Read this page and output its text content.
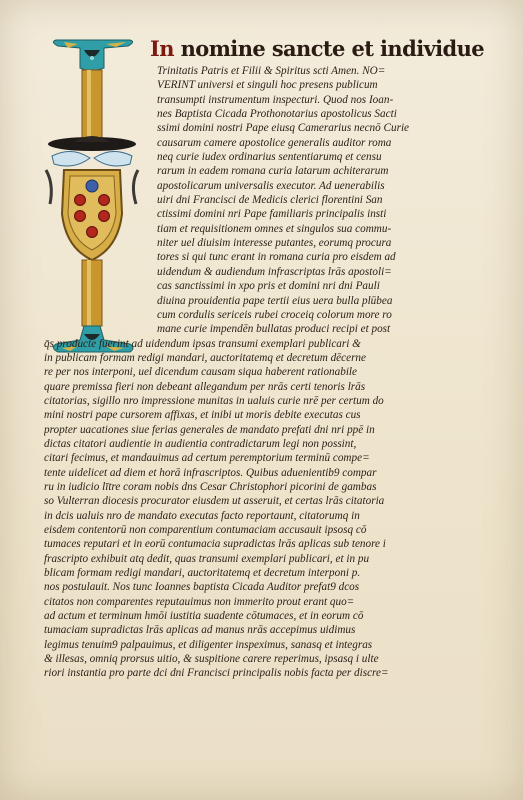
In nomine sancte et individue
Trinitatis Patris et Filii & Spiritus scti Amen. NO=
VERINT universi et singuli hoc presens publicum
transumpti instrumentum inspecturi. Quod nos Ioan-
nes Baptista Cicada Prothonotarius apostolicus Sacti
ssimi domini nostri Pape eiusq Camerarius necnō Curie
causarum camere apostolice generalis auditor roma
neq curie iudex ordinarius sententiarumq et censu
rarum in eadem romana curia latarum achiterarum
apostolicarum universalis executor. Ad uenerabilis
uiri dni Francisci de Medicis clerici florentini San
ctissimi domini nri Pape familiaris principalis insti
tiam et requisitionem omnes et singulos sua commu-
niter uel diuisim interesse putantes, eorumq procura
tores si qui tunc erant in romana curia pro eisdem ad
uidendum & audiendum infrascriptas lrās apostoli=
cas sanctissimi in xpo pris et domini nri dni Pauli
diuina prouidentia pape tertii eius uera bulla plūbea
cum cordulis sericeis rubei croceiq colorum more ro
mane curie impendēn bullatas produci recipi et post
q̄s producte fuerint ad uidendum ipsas transumi exemplari publicari &
in publicam formam redigi mandari, auctoritatemq et decretum dēcerne
re per nos interponi, uel dicendum causam siqua haberent rationabile
quare premissa fieri non debeant allegandum per nrās certi tenoris lrās
citatorias, sigillo nro impressione munitas in ualuis curie nrē per certum do
mini nostri pape cursorem affixas, et inibi ut moris debite executas cus
propter uacationes siue ferias generales de mandato prefati dni nri ppē in
dictas citatori audientie in audientia contradictarum legi non possint,
citari fecimus, et mandauimus ad certum peremptorium terminū compe=
tente uidelicet ad diem et horā infrascriptos. Quibus aduenientib9 compar
ru in iudicio lītre coram nobis dns Cesar Christophori picorini de gambas
so Vulterran diocesis procurator eiusdem ut asseruit, et certas lrās citatoria
in dcis ualuis nro de mandato executas facto reportaunt, citatorumq in
eisdem contentorū non comparentium contumaciam accusauit ipsosq cō
tumaces reputari et in eorū contumacia supradictas lrās aplicas sub tenore i
frascripto exhibuit atq dedit, quas transumi exemplari publicari, et in pu
blicam formam redigi mandari, auctoritatemq et decretum interponi p.
nos postulauit. Nos tunc Ioannes baptista Cicada Auditor prefat9 dcos
citatos non comparentes reputauimus non immerito prout erant quo=
ad actum et terminum hmōi iustitia suadente cōtumaces, et in eorum cō
tumaciam supradictas lrās aplicas ad manus nrās accepimus uidimus
legimus tenuim9 palpauimus, et diligenter inspeximus, sanasq et integras
& illesas, omniq prorsus uitio, & suspitione carere reperimus, ipsasq i ulte
riori instantia pro parte dci dni Francisci principalis nobis facta per discre=
